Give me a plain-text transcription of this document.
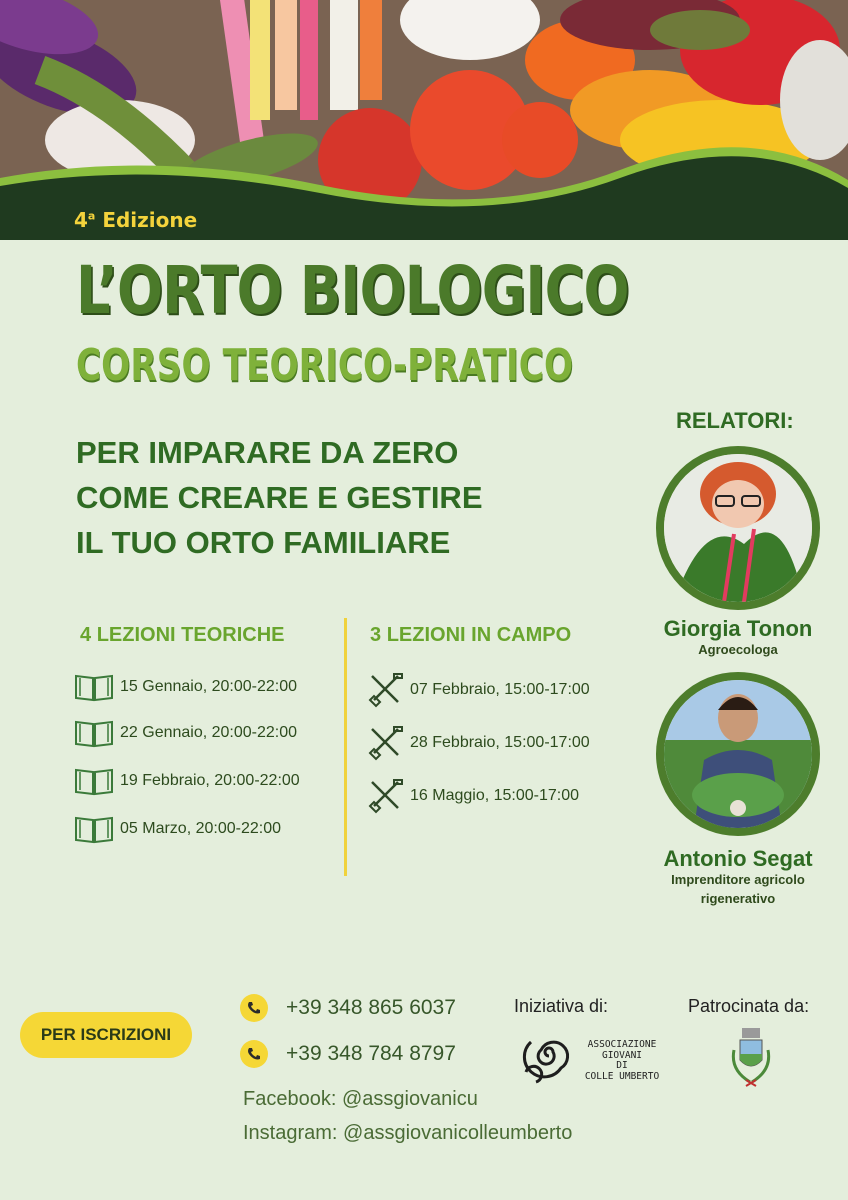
4$^a$ Edizione
L’ORTO BIOLOGICO
CORSO TEORICO-PRATICO
PER IMPARARE DA ZERO
COME CREARE E GESTIRE
IL TUO ORTO FAMILIARE
4 LEZIONI TEORICHE
15 Gennaio, 20:00-22:00
22 Gennaio, 20:00-22:00
19 Febbraio, 20:00-22:00
05 Marzo, 20:00-22:00
3 LEZIONI IN CAMPO
07 Febbraio, 15:00-17:00
28 Febbraio, 15:00-17:00
16 Maggio, 15:00-17:00
RELATORI:
Giorgia Tonon
Agroecologa
Antonio Segat
Imprenditore agricolo
rigenerativo
PER ISCRIZIONI
+39 348 865 6037
+39 348 784 8797
Facebook: @assgiovanicu
Instagram: @assgiovanicolleumberto
Iniziativa di:
ASSOCIAZIONE
GIOVANI
DI
COLLE UMBERTO
Patrocinata da:
